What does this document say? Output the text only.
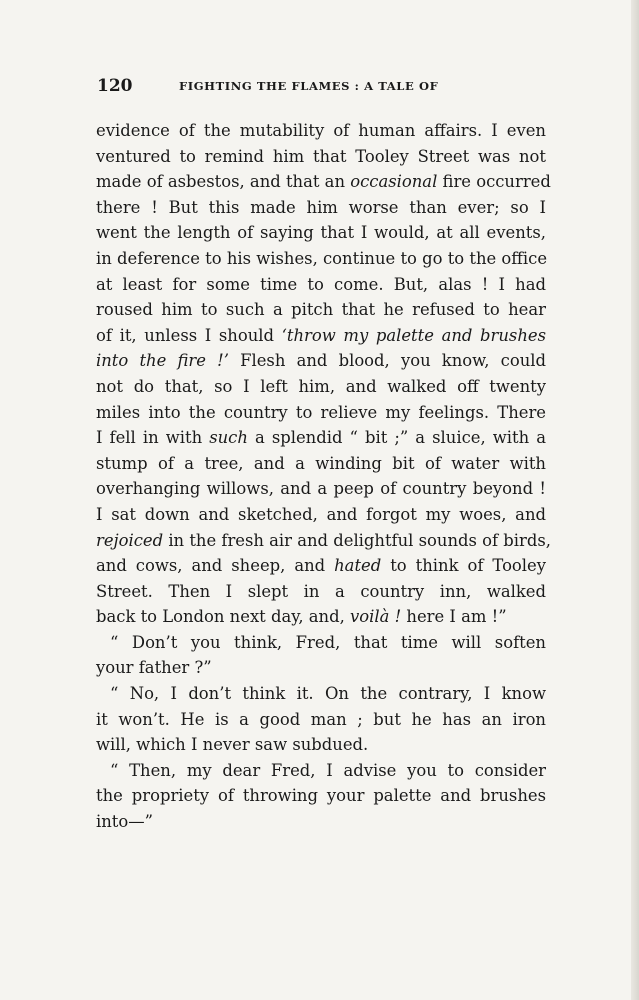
120	FIGHTING THE FLAMES : A TALE OF
evidence of the mutability of human affairs. I even
ventured to remind him that Tooley Street was not
made of asbestos, and that an occasional fire occurred
there ! But this made him worse than ever; so I
went the length of saying that I would, at all events,
in deference to his wishes, continue to go to the office
at least for some time to come. But, alas ! I had
roused him to such a pitch that he refused to hear
of it, unless I should ‘throw my palette and brushes
into the fire !’ Flesh and blood, you know, could
not do that, so I left him, and walked off twenty
miles into the country to relieve my feelings. There
I fell in with such a splendid “ bit ;” a sluice, with a
stump of a tree, and a winding bit of water with
overhanging willows, and a peep of country beyond !
I sat down and sketched, and forgot my woes, and
rejoiced in the fresh air and delightful sounds of birds,
and cows, and sheep, and hated to think of Tooley
Street. Then I slept in a country inn, walked
back to London next day, and, voilà ! here I am !”
“ Don’t you think, Fred, that time will soften
your father ?”
“ No, I don’t think it. On the contrary, I know
it won’t. He is a good man ; but he has an iron
will, which I never saw subdued.
“ Then, my dear Fred, I advise you to consider
the propriety of throwing your palette and brushes
into—”
